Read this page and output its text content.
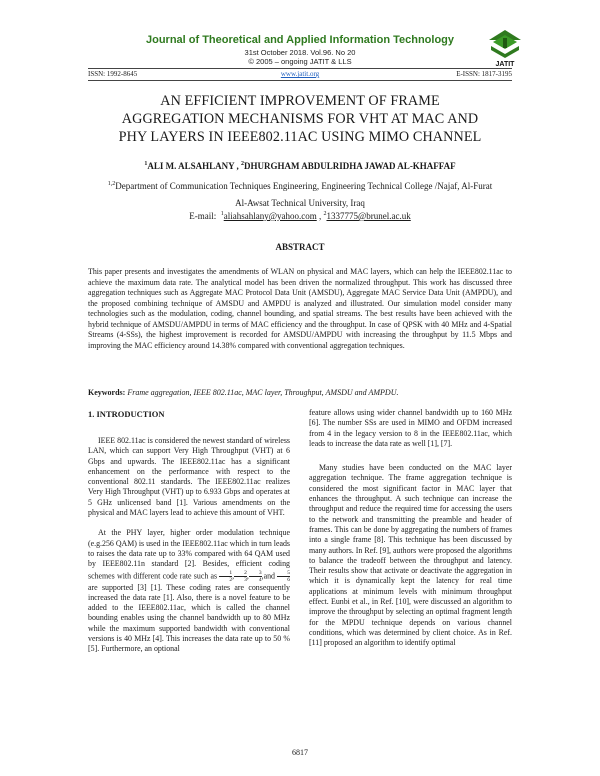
Journal of Theoretical and Applied Information Technology
31st October 2018. Vol.96. No 20
© 2005 – ongoing JATIT & LLS	JATIT
ISSN: 1992-8645	www.jatit.org	E-ISSN: 1817-3195
AN EFFICIENT IMPROVEMENT OF FRAME
AGGREGATION MECHANISMS FOR VHT AT MAC AND
PHY LAYERS IN IEEE802.11AC USING MIMO CHANNEL
$^1$ALI M. ALSAHLANY , $^2$DHURGHAM ABDULRIDHA JAWAD AL-KHAFFAF
$^{1,2}$Department of Communication Techniques Engineering, Engineering Technical College /Najaf, Al-Furat
Al-Awsat Technical University, Iraq
E-mail: $^1$aliahsahlany@yahoo.com , $^2$1337775@brunel.ac.uk
ABSTRACT
This paper presents and investigates the amendments of WLAN on physical and MAC layers, which can help the IEEE802.11ac to achieve the maximum data rate. The analytical model has been driven the normalized throughput. This work has discussed three aggregation techniques such as Aggregate MAC Protocol Data Unit (AMSDU), Aggregate MAC Service Data Unit (AMPDU), and the proposed combining technique of AMSDU and AMPDU is analyzed and illustrated. Our simulation model consider many technologies such as the modulation, coding, channel bounding, and spatial streams. The best results have been achieved with the hybrid technique of AMSDU/AMPDU in terms of MAC efficiency and the throughput. In case of QPSK with 40 MHz and 4-Spatial Streams (4-SSs), the highest improvement is recorded for AMSDU/AMPDU with increasing the throughput by 11.5 Mbps and improving the MAC efficiency around 14.38% compared with conventional aggregation techniques.
Keywords: Frame aggregation, IEEE 802.11ac, MAC layer, Throughput, AMSDU and AMPDU.
1. INTRODUCTION

IEEE 802.11ac is considered the newest standard of wireless LAN, which can support Very High Throughput (VHT) at 6 Gbps and upwards. The IEEE802.11ac has a significant enhancement on the performance with respect to the conventional 802.11 standards. The IEEE802.11ac realizes Very High Throughput (VHT) up to 6.933 Gbps and operates at 5 GHz unlicensed band [1]. Various amendments on the physical and MAC layers lead to achieve this amount of VHT.

At the PHY layer, higher order modulation technique (e.g.256 QAM) is used in the IEEE802.11ac which in turn leads to raises the data rate up to 33% compared with 64 QAM used by IEEE802.11n standard [2]. Besides, efficient coding schemes with different code rate such as $\frac{1}{2}$ , $\frac{2}{3}$ , $\frac{3}{4} ,and \frac{5}{6}$
are supported [3] [1]. These coding rates are consequently increased the data rate [1]. Also, there is a novel feature to be added to the IEEE802.11ac, which is called the channel bounding enables using the channel bandwidth up to 80 MHz while the maximum supported bandwidth with conventional versions is 40 MHz [4]. This increases the data rate up to 50 % [5]. Furthermore, an optional

feature allows using wider channel bandwidth up to 160 MHz [6]. The number SSs are used in MIMO and OFDM increased from 4 in the legacy version to 8 in the IEEE802.11ac, which leads to increase the data rate as well [1], [7].

Many studies have been conducted on the MAC layer aggregation technique. The frame aggregation technique is considered the most significant factor in MAC layer that enhances the throughput. A such technique can increase the throughput and reduce the required time for accessing the users to the network and transmitting the preamble and header of frames. This can be done by aggregating the numbers of frames into a single frame [8]. This technique has been discussed by many authors. In Ref. [9], authors were proposed the algorithms to balance the tradeoff between the throughput and latency. Their results show that activate or deactivate the aggregation in which it is dynamically kept the latency for real time applications at minimum levels with minimum throughput effect. Eunbi et al., in Ref. [10], were discussed an algorithm to improve the throughput by selecting an optimal fragment length for the MPDU technique depends on various channel conditions, which was determined by client choice. As in Ref. [11] proposed an algorithm to identify optimal

6817
